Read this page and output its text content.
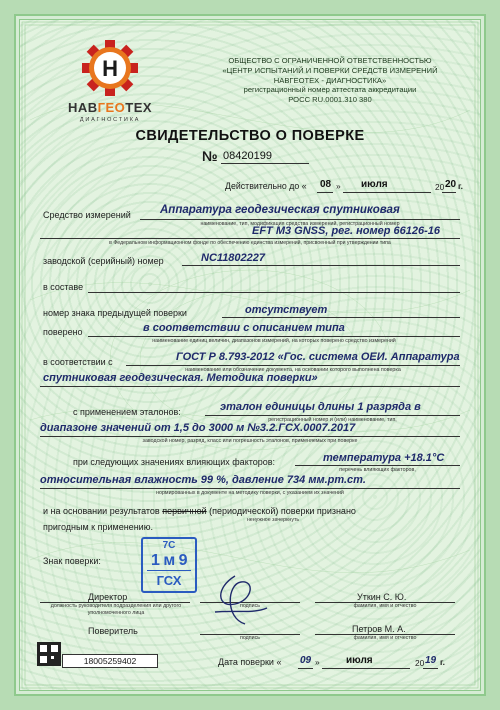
Н
НАВГЕОТЕХ
ДИАГНОСТИКА
ОБЩЕСТВО С ОГРАНИЧЕННОЙ ОТВЕТСТВЕННОСТЬЮ
«ЦЕНТР ИСПЫТАНИЙ И ПОВЕРКИ СРЕДСТВ ИЗМЕРЕНИЙ
НАВГЕОТЕХ - ДИАГНОСТИКА»
регистрационный номер аттестата аккредитации
РОСС RU.0001.310 380
СВИДЕТЕЛЬСТВО О ПОВЕРКЕ
№ 08420199
Действительно до « 08 » июля	20 20 г.
Средство измерений	Аппаратура геодезическая спутниковая
наименование, тип, модификация средства измерений, регистрационный номер
EFT M3 GNSS, рег. номер 66126-16
в Федеральном информационном фонде по обеспечению единства измерений, присвоенный при утверждении типа
заводской (серийный) номер	NC11802227
в составе
номер знака предыдущей поверки	отсутствует
поверено	в соответствии с описанием типа
наименование единиц величин, диапазонов измерений, на которых поверено средство измерений
в соответствии с	ГОСТ Р 8.793-2012 «Гос. система ОЕИ. Аппаратура
наименование или обозначение документа, на основании которого выполнена поверка
спутниковая геодезическая. Методика поверки»
с применением эталонов:	эталон единицы длины 1 разряда в
регистрационный номер и (или) наименование, тип,
диапазоне значений от 1,5 до 3000 м №3.2.ГСХ.0007.2017
заводской номер, разряд, класс или погрешность эталонов, применяемых при поверке
при следующих значениях влияющих факторов:	температура +18.1°С
перечень влияющих факторов,
относительная влажность 99 %, давление 734 мм.рт.ст.
нормированных в документе на методику поверки, с указанием их значений
и на основании результатов первичной (периодической) поверки признано
ненужное зачеркнуть
пригодным к применению.
Знак поверки:
7С
1 м 9
ГСХ
Директор
должность руководителя подразделения или другого уполномоченного лица
подпись
Уткин С. Ю.
фамилия, имя и отчество
Поверитель
подпись
Петров М. А.
фамилия, имя и отчество
Дата поверки « 09 »	июля	20 19 г.
18005259402
